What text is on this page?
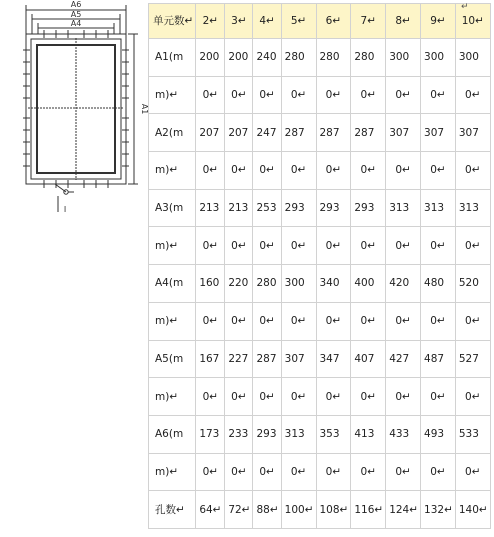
A6
A5
A4
A1
I
单元数↵	2↵	3↵	4↵	5↵	6↵	7↵	8↵	9↵	10↵
A1(m	200	200	240	280	280	280	300	300	300
m)↵	0↵	0↵	0↵	0↵	0↵	0↵	0↵	0↵	0↵
A2(m	207	207	247	287	287	287	307	307	307
m)↵	0↵	0↵	0↵	0↵	0↵	0↵	0↵	0↵	0↵
A3(m	213	213	253	293	293	293	313	313	313
m)↵	0↵	0↵	0↵	0↵	0↵	0↵	0↵	0↵	0↵
A4(m	160	220	280	300	340	400	420	480	520
m)↵	0↵	0↵	0↵	0↵	0↵	0↵	0↵	0↵	0↵
A5(m	167	227	287	307	347	407	427	487	527
m)↵	0↵	0↵	0↵	0↵	0↵	0↵	0↵	0↵	0↵
A6(m	173	233	293	313	353	413	433	493	533
m)↵	0↵	0↵	0↵	0↵	0↵	0↵	0↵	0↵	0↵
孔数↵	64↵	72↵	88↵	100↵	108↵	116↵	124↵	132↵	140↵
↵
